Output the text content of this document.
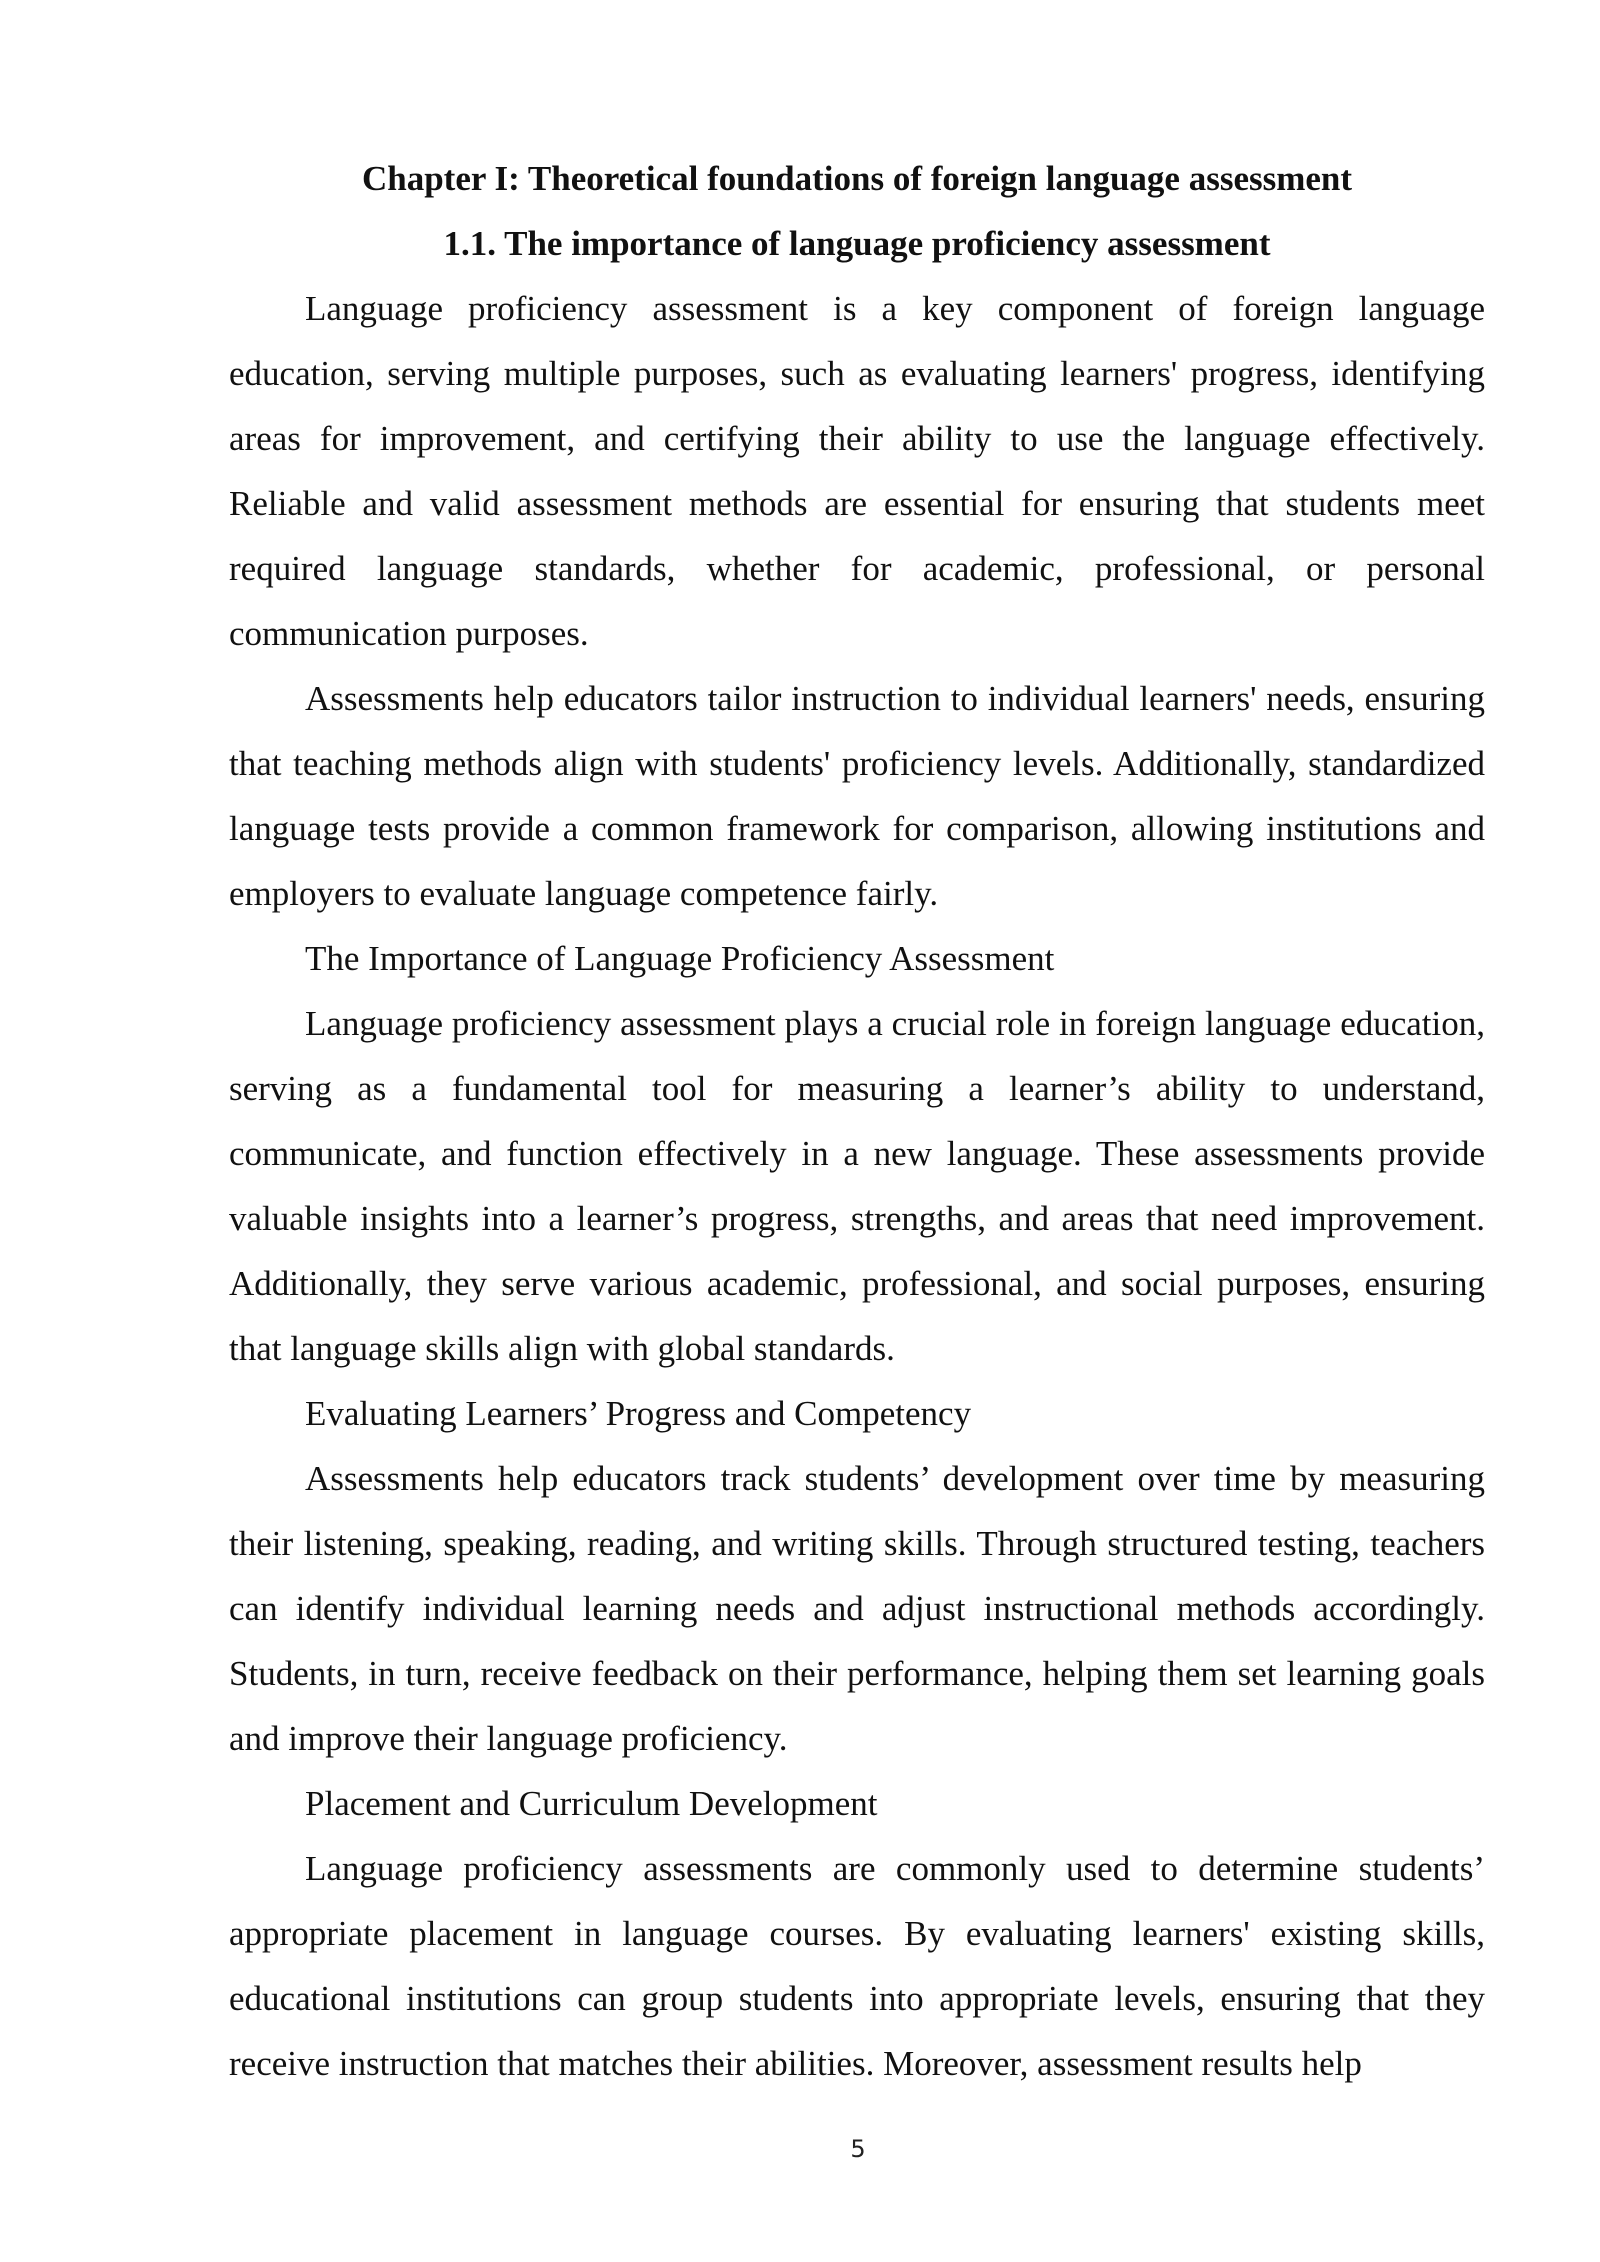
Chapter I: Theoretical foundations of foreign language assessment
1.1. The importance of language proficiency assessment

Language proficiency assessment is a key component of foreign language education, serving multiple purposes, such as evaluating learners' progress, identifying areas for improvement, and certifying their ability to use the language effectively. Reliable and valid assessment methods are essential for ensuring that students meet required language standards, whether for academic, professional, or personal communication purposes.

Assessments help educators tailor instruction to individual learners' needs, ensuring that teaching methods align with students' proficiency levels. Additionally, standardized language tests provide a common framework for comparison, allowing institutions and employers to evaluate language competence fairly.

The Importance of Language Proficiency Assessment

Language proficiency assessment plays a crucial role in foreign language education, serving as a fundamental tool for measuring a learner’s ability to understand, communicate, and function effectively in a new language. These assessments provide valuable insights into a learner’s progress, strengths, and areas that need improvement. Additionally, they serve various academic, professional, and social purposes, ensuring that language skills align with global standards.

Evaluating Learners’ Progress and Competency

Assessments help educators track students’ development over time by measuring their listening, speaking, reading, and writing skills. Through structured testing, teachers can identify individual learning needs and adjust instructional methods accordingly. Students, in turn, receive feedback on their performance, helping them set learning goals and improve their language proficiency.

Placement and Curriculum Development

Language proficiency assessments are commonly used to determine students’ appropriate placement in language courses. By evaluating learners' existing skills, educational institutions can group students into appropriate levels, ensuring that they receive instruction that matches their abilities. Moreover, assessment results help

5
